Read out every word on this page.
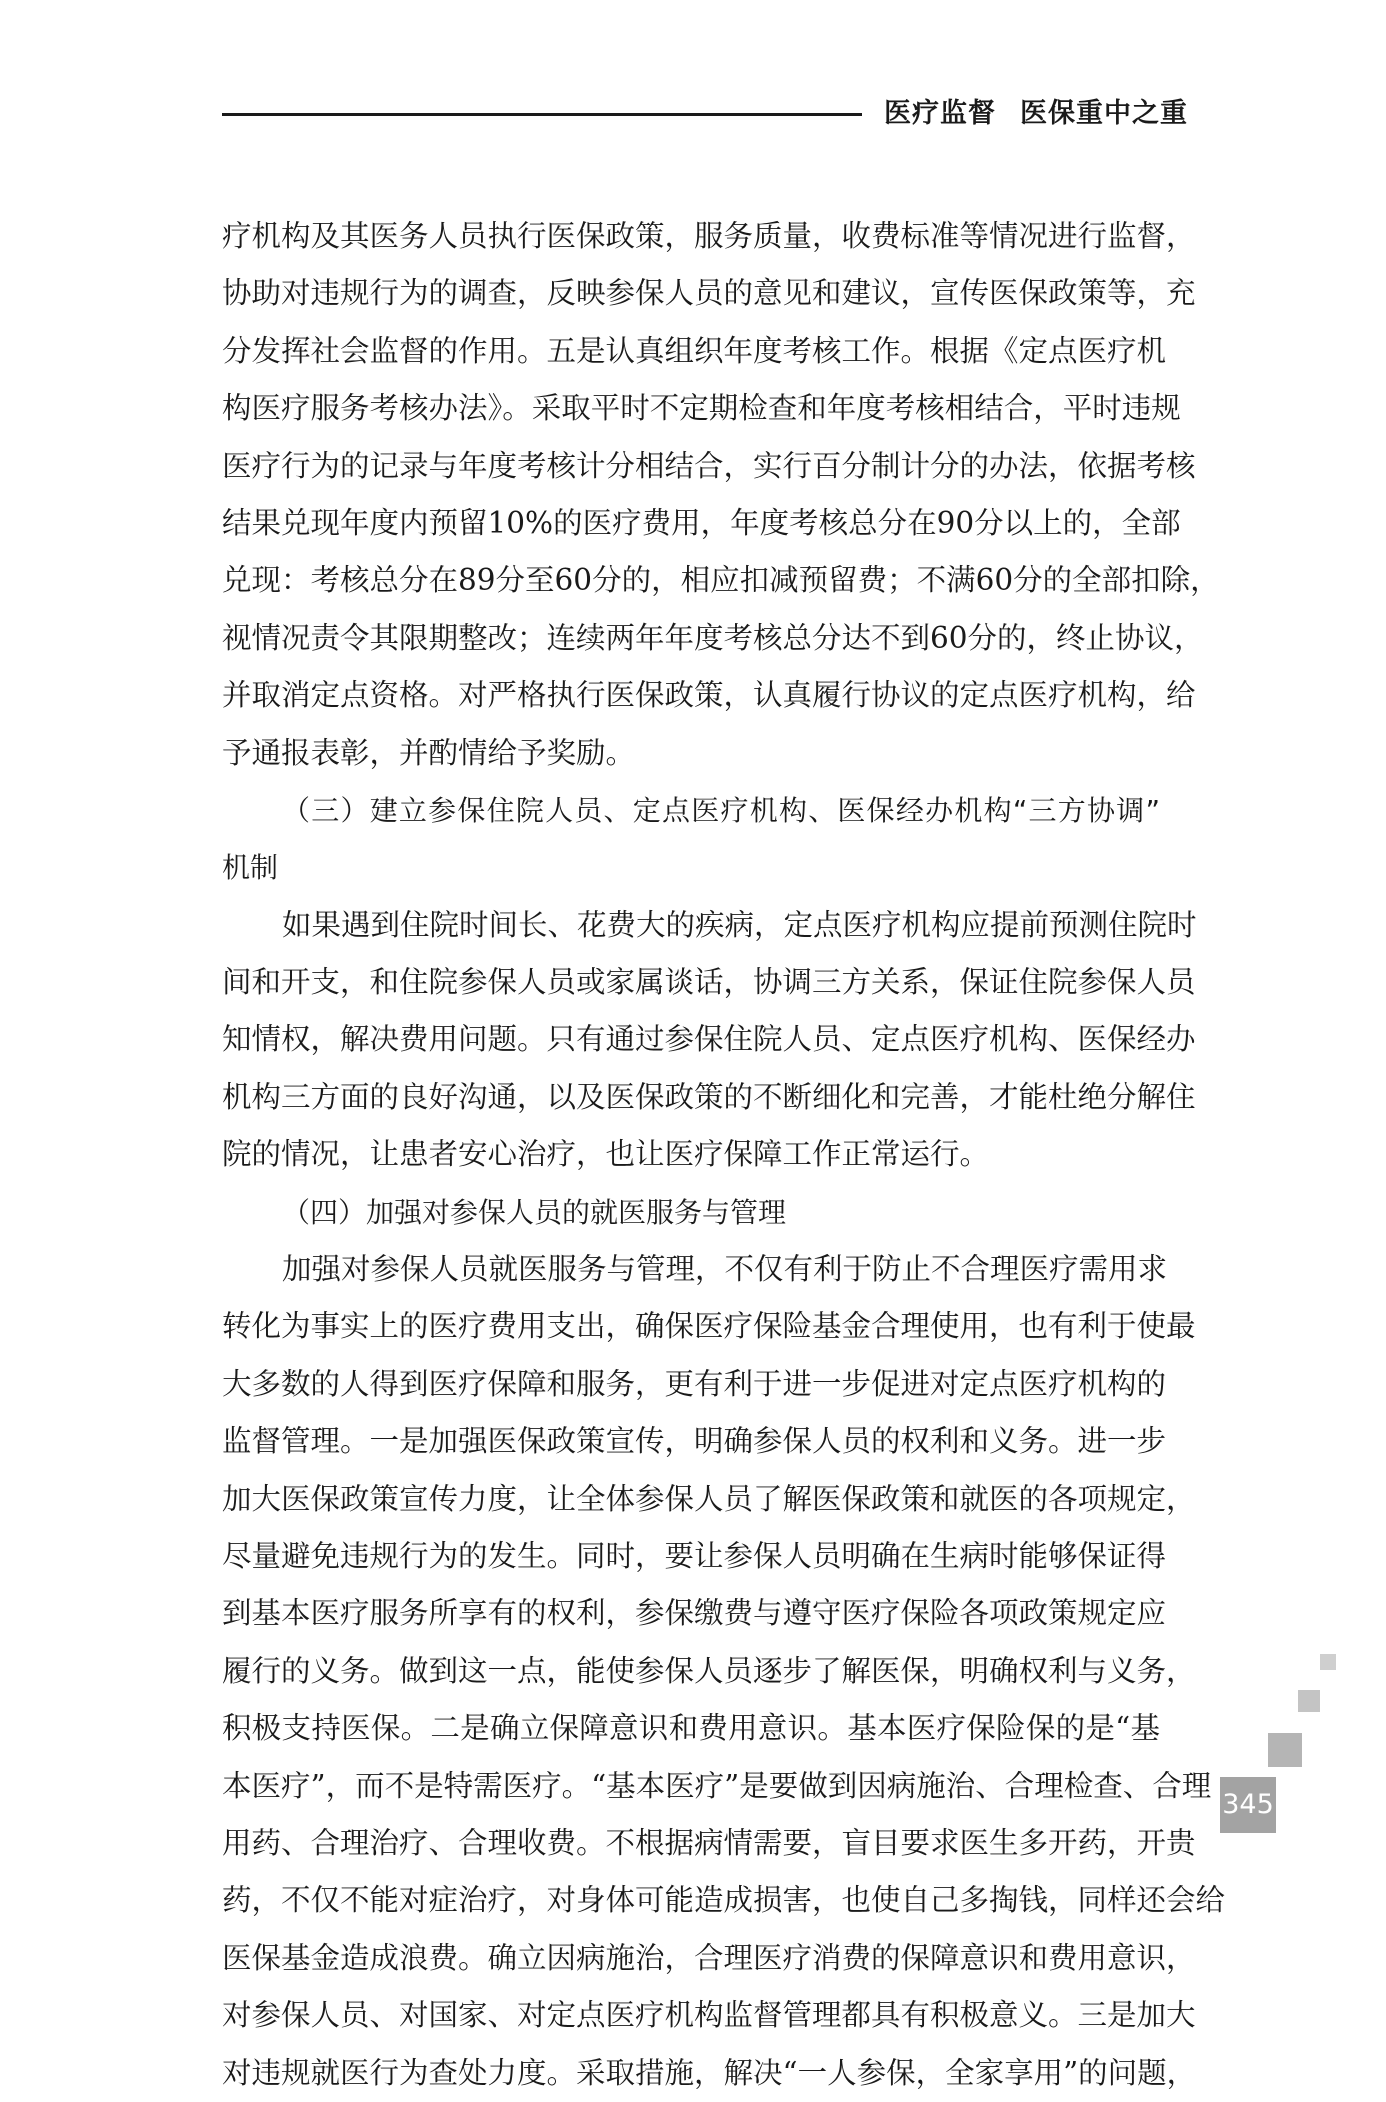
医疗监督 医保重中之重
疗机构及其医务人员执行医保政策，服务质量，收费标准等情况进行监督，
协助对违规行为的调查，反映参保人员的意见和建议，宣传医保政策等，充
分发挥社会监督的作用。五是认真组织年度考核工作。根据《定点医疗机
构医疗服务考核办法》。采取平时不定期检查和年度考核相结合，平时违规
医疗行为的记录与年度考核计分相结合，实行百分制计分的办法，依据考核
结果兑现年度内预留10%的医疗费用，年度考核总分在90分以上的，全部
兑现：考核总分在89分至60分的，相应扣减预留费；不满60分的全部扣除，
视情况责令其限期整改；连续两年年度考核总分达不到60分的，终止协议，
并取消定点资格。对严格执行医保政策，认真履行协议的定点医疗机构，给
予通报表彰，并酌情给予奖励。
（三）建立参保住院人员、定点医疗机构、医保经办机构“三方协调”
机制
如果遇到住院时间长、花费大的疾病，定点医疗机构应提前预测住院时
间和开支，和住院参保人员或家属谈话，协调三方关系，保证住院参保人员
知情权，解决费用问题。只有通过参保住院人员、定点医疗机构、医保经办
机构三方面的良好沟通，以及医保政策的不断细化和完善，才能杜绝分解住
院的情况，让患者安心治疗，也让医疗保障工作正常运行。
（四）加强对参保人员的就医服务与管理
加强对参保人员就医服务与管理，不仅有利于防止不合理医疗需用求
转化为事实上的医疗费用支出，确保医疗保险基金合理使用，也有利于使最
大多数的人得到医疗保障和服务，更有利于进一步促进对定点医疗机构的
监督管理。一是加强医保政策宣传，明确参保人员的权利和义务。进一步
加大医保政策宣传力度，让全体参保人员了解医保政策和就医的各项规定，
尽量避免违规行为的发生。同时，要让参保人员明确在生病时能够保证得
到基本医疗服务所享有的权利，参保缴费与遵守医疗保险各项政策规定应
履行的义务。做到这一点，能使参保人员逐步了解医保，明确权利与义务，
积极支持医保。二是确立保障意识和费用意识。基本医疗保险保的是“基
本医疗”，而不是特需医疗。“基本医疗”是要做到因病施治、合理检查、合理
用药、合理治疗、合理收费。不根据病情需要，盲目要求医生多开药，开贵
药，不仅不能对症治疗，对身体可能造成损害，也使自己多掏钱，同样还会给
医保基金造成浪费。确立因病施治，合理医疗消费的保障意识和费用意识，
对参保人员、对国家、对定点医疗机构监督管理都具有积极意义。三是加大
对违规就医行为查处力度。采取措施，解决“一人参保，全家享用”的问题，
345
